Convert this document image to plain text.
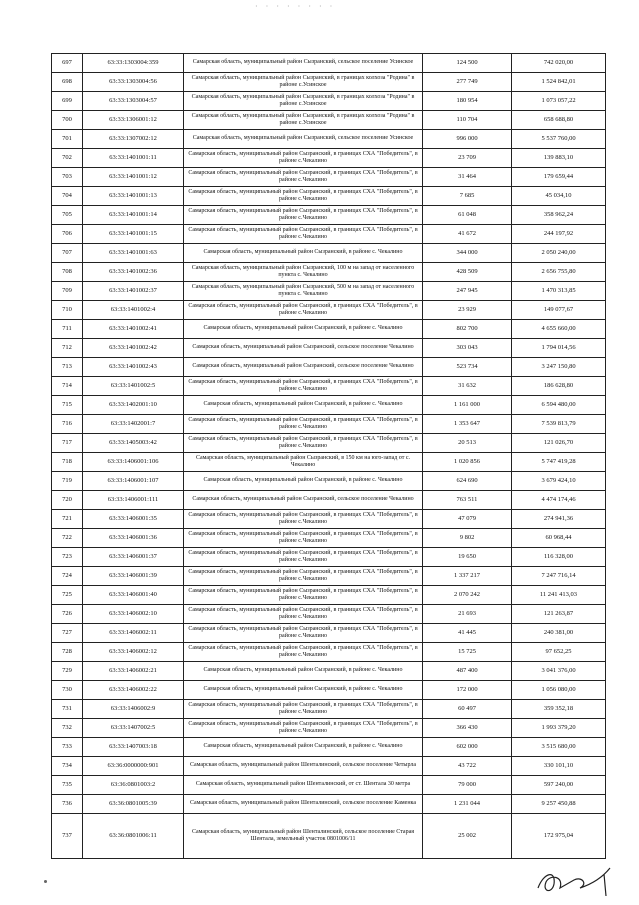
· · · · · · · ·
697	63:33:1303004:359	Самарская область, муниципальный район Сызранский, сельское поселение Усинское	124 500	742 020,00
698	63:33:1303004:56	Самарская область, муниципальный район Сызранский, в границах колхоза "Родина" в районе с.Усинское	277 749	1 524 842,01
699	63:33:1303004:57	Самарская область, муниципальный район Сызранский, в границах колхоза "Родина" в районе с.Усинское	180 954	1 073 057,22
700	63:33:1306001:12	Самарская область, муниципальный район Сызранский, в границах колхоза "Родина" в районе с.Усинское	110 704	658 688,80
701	63:33:1307002:12	Самарская область, муниципальный район Сызранский, сельское поселение Усинское	996 000	5 537 760,00
702	63:33:1401001:11	Самарская область, муниципальный район Сызранский, в границах СХА "Победитель", в районе с.Чекалино	23 709	139 883,10
703	63:33:1401001:12	Самарская область, муниципальный район Сызранский, в границах СХА "Победитель", в районе с.Чекалино	31 464	179 659,44
704	63:33:1401001:13	Самарская область, муниципальный район Сызранский, в границах СХА "Победитель", в районе с.Чекалино	7 685	45 034,10
705	63:33:1401001:14	Самарская область, муниципальный район Сызранский, в границах СХА "Победитель", в районе с.Чекалино	61 048	358 962,24
706	63:33:1401001:15	Самарская область, муниципальный район Сызранский, в границах СХА "Победитель", в районе с.Чекалино	41 672	244 197,92
707	63:33:1401001:63	Самарская область, муниципальный район Сызранский, в районе с. Чекалино	344 000	2 050 240,00
708	63:33:1401002:36	Самарская область, муниципальный район Сызранский, 100 м на запад от населенного пункта с. Чекалино	428 509	2 656 755,80
709	63:33:1401002:37	Самарская область, муниципальный район Сызранский, 500 м на запад от населенного пункта с. Чекалино	247 945	1 470 313,85
710	63:33:1401002:4	Самарская область, муниципальный район Сызранский, в границах СХА "Победитель", в районе с.Чекалино	23 929	149 077,67
711	63:33:1401002:41	Самарская область, муниципальный район Сызранский, в районе с. Чекалино	802 700	4 655 660,00
712	63:33:1401002:42	Самарская область, муниципальный район Сызранский, сельское поселение Чекалино	303 043	1 794 014,56
713	63:33:1401002:43	Самарская область, муниципальный район Сызранский, сельское поселение Чекалино	523 734	3 247 150,80
714	63:33:1401002:5	Самарская область, муниципальный район Сызранский, в границах СХА "Победитель", в районе с.Чекалино	31 632	186 628,80
715	63:33:1402001:10	Самарская область, муниципальный район Сызранский, в районе с. Чекалино	1 161 000	6 594 480,00
716	63:33:1402001:7	Самарская область, муниципальный район Сызранский, в границах СХА "Победитель", в районе с.Чекалино	1 353 647	7 539 813,79
717	63:33:1405003:42	Самарская область, муниципальный район Сызранский, в границах СХА "Победитель", в районе с.Чекалино	20 513	121 026,70
718	63:33:1406001:106	Самарская область, муниципальный район Сызранский, в 150 км на юго-запад от с. Чекалино	1 020 856	5 747 419,28
719	63:33:1406001:107	Самарская область, муниципальный район Сызранский, в районе с. Чекалино	624 690	3 679 424,10
720	63:33:1406001:111	Самарская область, муниципальный район Сызранский, сельское поселение Чекалино	763 511	4 474 174,46
721	63:33:1406001:35	Самарская область, муниципальный район Сызранский, в границах СХА "Победитель", в районе с.Чекалино	47 079	274 941,36
722	63:33:1406001:36	Самарская область, муниципальный район Сызранский, в границах СХА "Победитель", в районе с.Чекалино	9 802	60 968,44
723	63:33:1406001:37	Самарская область, муниципальный район Сызранский, в границах СХА "Победитель", в районе с.Чекалино	19 650	116 328,00
724	63:33:1406001:39	Самарская область, муниципальный район Сызранский, в границах СХА "Победитель", в районе с.Чекалино	1 337 217	7 247 716,14
725	63:33:1406001:40	Самарская область, муниципальный район Сызранский, в границах СХА "Победитель", в районе с.Чекалино	2 070 242	11 241 413,03
726	63:33:1406002:10	Самарская область, муниципальный район Сызранский, в границах СХА "Победитель", в районе с.Чекалино	21 693	121 263,87
727	63:33:1406002:11	Самарская область, муниципальный район Сызранский, в границах СХА "Победитель", в районе с.Чекалино	41 445	240 381,00
728	63:33:1406002:12	Самарская область, муниципальный район Сызранский, в границах СХА "Победитель", в районе с.Чекалино	15 725	97 652,25
729	63:33:1406002:21	Самарская область, муниципальный район Сызранский, в районе с. Чекалино	487 400	3 041 376,00
730	63:33:1406002:22	Самарская область, муниципальный район Сызранский, в районе с. Чекалино	172 000	1 056 080,00
731	63:33:1406002:9	Самарская область, муниципальный район Сызранский, в границах СХА "Победитель", в районе с.Чекалино	60 497	359 352,18
732	63:33:1407002:5	Самарская область, муниципальный район Сызранский, в границах СХА "Победитель", в районе с.Чекалино	366 430	1 993 379,20
733	63:33:1407003:18	Самарская область, муниципальный район Сызранский, в районе с. Чекалино	602 000	3 515 680,00
734	63:36:0000000:901	Самарская область, муниципальный район Шенталинский, сельское поселение Четырла	43 722	330 101,10
735	63:36:0801003:2	Самарская область, муниципальный район Шенталинский, от ст. Шентала 30 метра	79 000	597 240,00
736	63:36:0801005:39	Самарская область, муниципальный район Шенталинский, сельское поселение Каменка	1 231 044	9 257 450,88
737	63:36:0801006:11	Самарская область, муниципальный район Шенталинский, сельское поселение Старая Шентала, земельный участок 0801006/11	25 002	172 975,04
